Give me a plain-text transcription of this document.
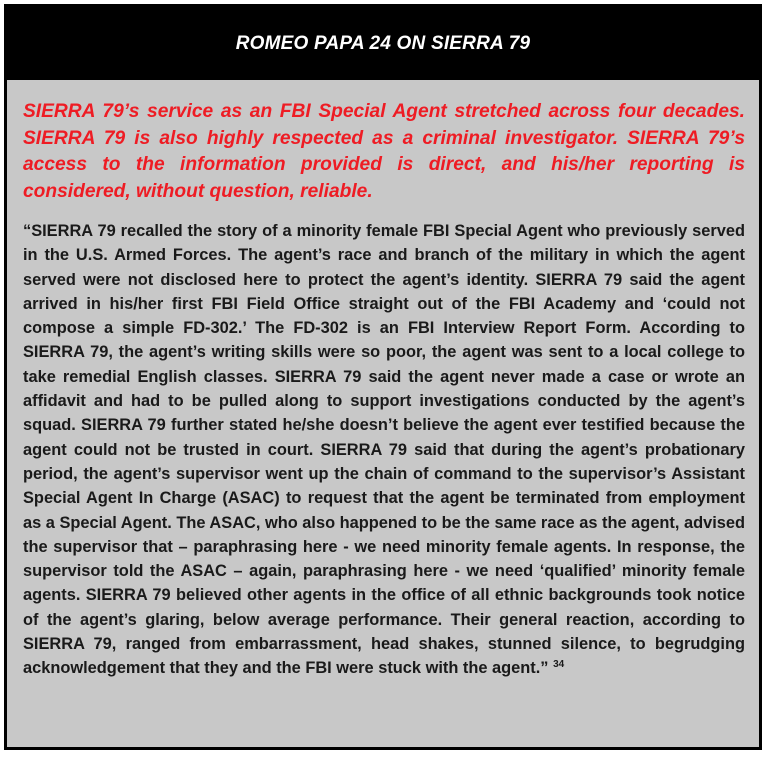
ROMEO PAPA 24 ON SIERRA 79
SIERRA 79’s service as an FBI Special Agent stretched across four decades. SIERRA 79 is also highly respected as a criminal investigator. SIERRA 79’s access to the information provided is direct, and his/her reporting is considered, without question, reliable.
“SIERRA 79 recalled the story of a minority female FBI Special Agent who previously served in the U.S. Armed Forces. The agent’s race and branch of the military in which the agent served were not disclosed here to protect the agent’s identity. SIERRA 79 said the agent arrived in his/her first FBI Field Office straight out of the FBI Academy and ‘could not compose a simple FD-302.’ The FD-302 is an FBI Interview Report Form. According to SIERRA 79, the agent’s writing skills were so poor, the agent was sent to a local college to take remedial English classes. SIERRA 79 said the agent never made a case or wrote an affidavit and had to be pulled along to support investigations conducted by the agent’s squad. SIERRA 79 further stated he/she doesn’t believe the agent ever testified because the agent could not be trusted in court. SIERRA 79 said that during the agent’s probationary period, the agent’s supervisor went up the chain of command to the supervisor’s Assistant Special Agent In Charge (ASAC) to request that the agent be terminated from employment as a Special Agent. The ASAC, who also happened to be the same race as the agent, advised the supervisor that – paraphrasing here - we need minority female agents. In response, the supervisor told the ASAC – again, paraphrasing here - we need ‘qualified’ minority female agents. SIERRA 79 believed other agents in the office of all ethnic backgrounds took notice of the agent’s glaring, below average performance. Their general reaction, according to SIERRA 79, ranged from embarrassment, head shakes, stunned silence, to begrudging acknowledgement that they and the FBI were stuck with the agent.” $^{34}$
